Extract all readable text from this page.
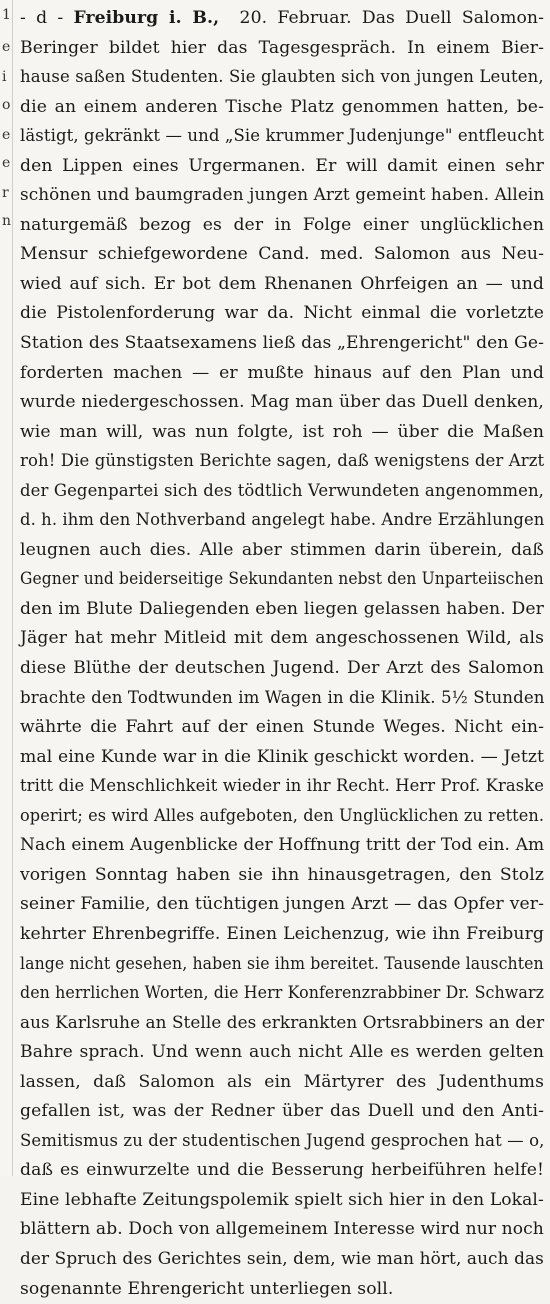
1
e
i
o
e
e
r
n
- d - Freiburg i. B.,  20. Februar. Das Duell Salomon-
Beringer bildet hier das Tagesgespräch. In einem Bier-
hause saßen Studenten. Sie glaubten sich von jungen Leuten,
die an einem anderen Tische Platz genommen hatten, be-
lästigt, gekränkt — und „Sie krummer Judenjunge" entfleucht
den Lippen eines Urgermanen. Er will damit einen sehr
schönen und baumgraden jungen Arzt gemeint haben. Allein
naturgemäß bezog es der in Folge einer unglücklichen
Mensur schiefgewordene Cand. med. Salomon aus Neu-
wied auf sich. Er bot dem Rhenanen Ohrfeigen an — und
die Pistolenforderung war da. Nicht einmal die vorletzte
Station des Staatsexamens ließ das „Ehrengericht" den Ge-
forderten machen — er mußte hinaus auf den Plan und
wurde niedergeschossen. Mag man über das Duell denken,
wie man will, was nun folgte, ist roh — über die Maßen
roh! Die günstigsten Berichte sagen, daß wenigstens der Arzt
der Gegenpartei sich des tödtlich Verwundeten angenommen,
d. h. ihm den Nothverband angelegt habe. Andre Erzählungen
leugnen auch dies. Alle aber stimmen darin überein, daß
Gegner und beiderseitige Sekundanten nebst den Unparteiischen
den im Blute Daliegenden eben liegen gelassen haben. Der
Jäger hat mehr Mitleid mit dem angeschossenen Wild, als
diese Blüthe der deutschen Jugend. Der Arzt des Salomon
brachte den Todtwunden im Wagen in die Klinik. 5½ Stunden
währte die Fahrt auf der einen Stunde Weges. Nicht ein-
mal eine Kunde war in die Klinik geschickt worden. — Jetzt
tritt die Menschlichkeit wieder in ihr Recht. Herr Prof. Kraske
operirt; es wird Alles aufgeboten, den Unglücklichen zu retten.
Nach einem Augenblicke der Hoffnung tritt der Tod ein. Am
vorigen Sonntag haben sie ihn hinausgetragen, den Stolz
seiner Familie, den tüchtigen jungen Arzt — das Opfer ver-
kehrter Ehrenbegriffe. Einen Leichenzug, wie ihn Freiburg
lange nicht gesehen, haben sie ihm bereitet. Tausende lauschten
den herrlichen Worten, die Herr Konferenzrabbiner Dr. Schwarz
aus Karlsruhe an Stelle des erkrankten Ortsrabbiners an der
Bahre sprach. Und wenn auch nicht Alle es werden gelten
lassen, daß Salomon als ein Märtyrer des Judenthums
gefallen ist, was der Redner über das Duell und den Anti-
Semitismus zu der studentischen Jugend gesprochen hat — o,
daß es einwurzelte und die Besserung herbeiführen helfe!
Eine lebhafte Zeitungspolemik spielt sich hier in den Lokal-
blättern ab. Doch von allgemeinem Interesse wird nur noch
der Spruch des Gerichtes sein, dem, wie man hört, auch das
sogenannte Ehrengericht unterliegen soll.
